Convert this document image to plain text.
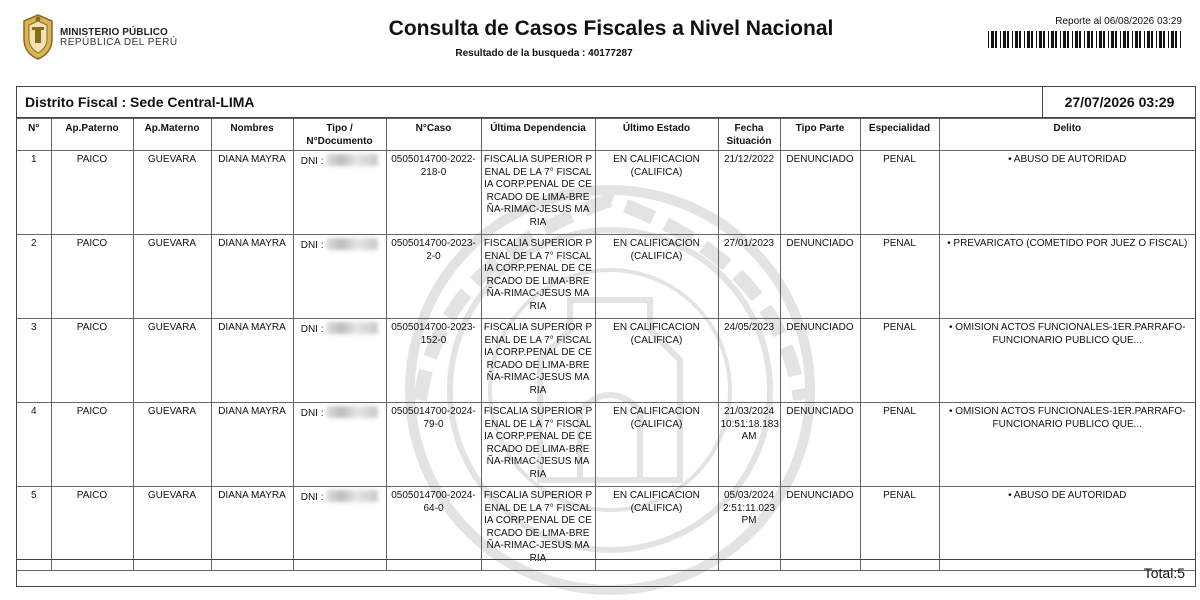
MINISTERIO PÚBLICO
REPÚBLICA DEL PERÚ
Consulta de Casos Fiscales a Nivel Nacional
Resultado de la busqueda : 40177287
Reporte al 06/08/2026 03:29
Distrito Fiscal : Sede Central-LIMA	27/07/2026 03:29
N°	Ap.Paterno	Ap.Materno	Nombres	Tipo / N°Documento	N°Caso	Última Dependencia	Último Estado	Fecha Situación	Tipo Parte	Especialidad	Delito
1	PAICO	GUEVARA	DIANA MAYRA	DNI :	0505014700-2022-218-0	FISCALIA SUPERIOR PENAL DE LA 7° FISCALIA CORP.PENAL DE CERCADO DE LIMA-BREÑA-RIMAC-JESUS MARIA	EN CALIFICACION (CALIFICA)	21/12/2022	DENUNCIADO	PENAL	• ABUSO DE AUTORIDAD
2	PAICO	GUEVARA	DIANA MAYRA	DNI :	0505014700-2023-2-0	FISCALIA SUPERIOR PENAL DE LA 7° FISCALIA CORP.PENAL DE CERCADO DE LIMA-BREÑA-RIMAC-JESUS MARIA	EN CALIFICACION (CALIFICA)	27/01/2023	DENUNCIADO	PENAL	• PREVARICATO (COMETIDO POR JUEZ O FISCAL)
3	PAICO	GUEVARA	DIANA MAYRA	DNI :	0505014700-2023-152-0	FISCALIA SUPERIOR PENAL DE LA 7° FISCALIA CORP.PENAL DE CERCADO DE LIMA-BREÑA-RIMAC-JESUS MARIA	EN CALIFICACION (CALIFICA)	24/05/2023	DENUNCIADO	PENAL	• OMISION ACTOS FUNCIONALES-1ER.PARRAFO-FUNCIONARIO PUBLICO QUE...
4	PAICO	GUEVARA	DIANA MAYRA	DNI :	0505014700-2024-79-0	FISCALIA SUPERIOR PENAL DE LA 7° FISCALIA CORP.PENAL DE CERCADO DE LIMA-BREÑA-RIMAC-JESUS MARIA	EN CALIFICACION (CALIFICA)	21/03/2024 10:51:18.183 AM	DENUNCIADO	PENAL	• OMISION ACTOS FUNCIONALES-1ER.PARRAFO-FUNCIONARIO PUBLICO QUE...
5	PAICO	GUEVARA	DIANA MAYRA	DNI :	0505014700-2024-64-0	FISCALIA SUPERIOR PENAL DE LA 7° FISCALIA CORP.PENAL DE CERCADO DE LIMA-BREÑA-RIMAC-JESUS MARIA	EN CALIFICACION (CALIFICA)	05/03/2024 2:51:11.023 PM	DENUNCIADO	PENAL	• ABUSO DE AUTORIDAD
Total:5
